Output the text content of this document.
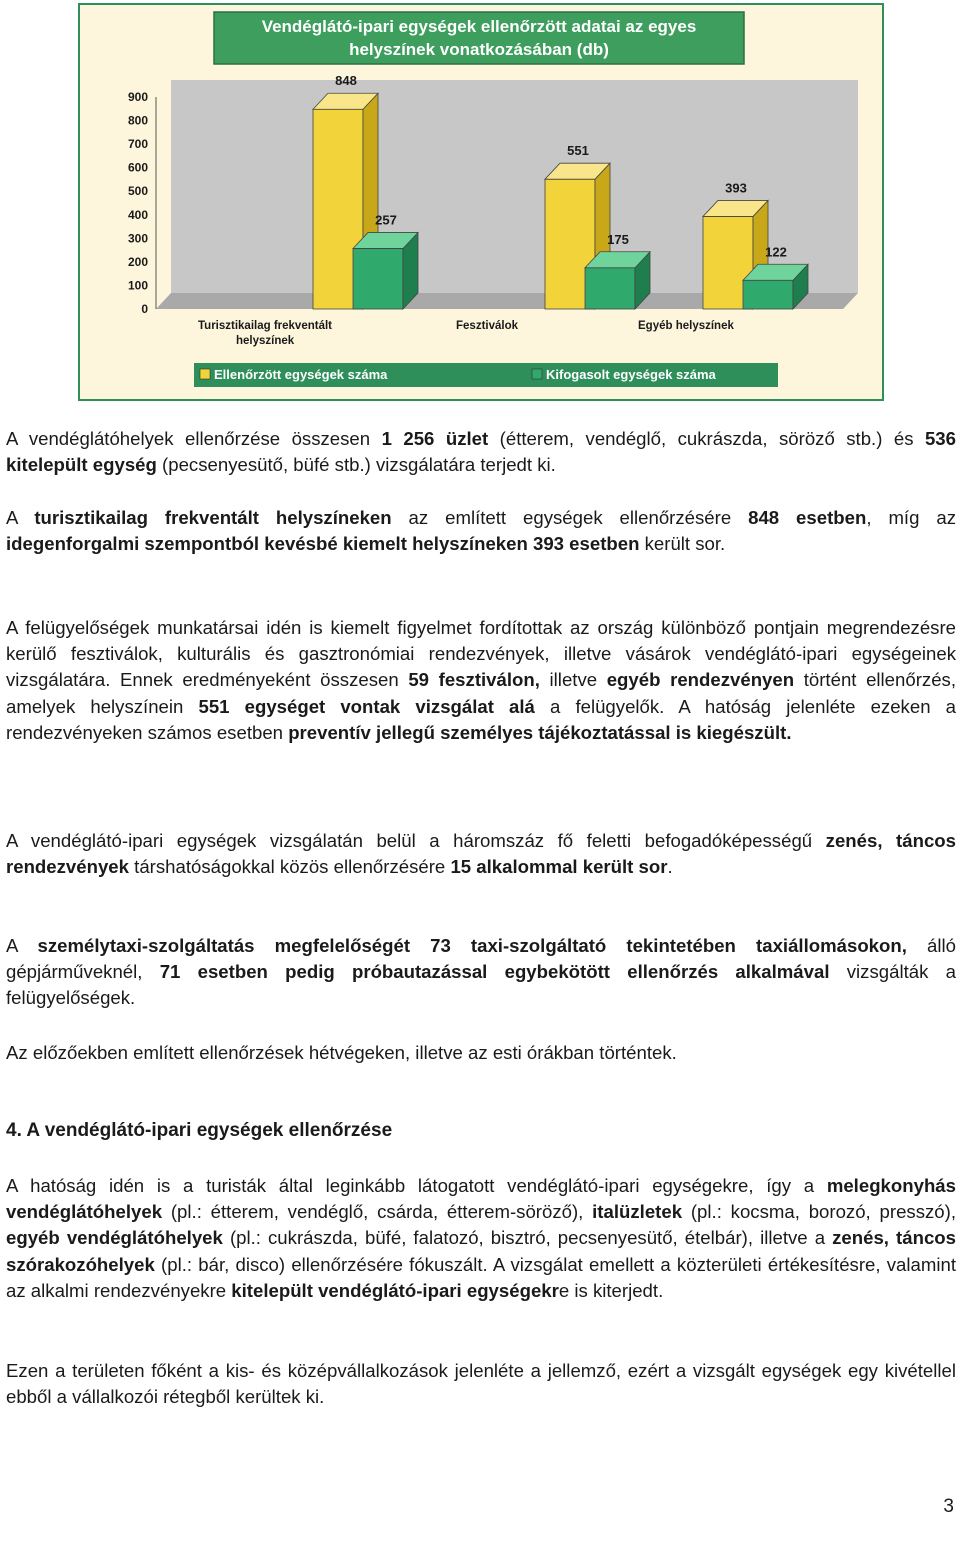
Vendéglátó-ipari egységek ellenőrzött adatai az egyes
helyszínek vonatkozásában (db)
0
100
200
300
400
500
600
700
800
900
848
257
551
175
393
122
Turisztikailag frekventált
helyszínek
Fesztiválok	Egyéb helyszínek
Ellenőrzött egységek száma	Kifogasolt egységek száma

A vendéglátóhelyek ellenőrzése összesen 1 256 üzlet (étterem, vendéglő, cukrászda, söröző stb.) és 536 kitelepült egység (pecsenyesütő, büfé stb.) vizsgálatára terjedt ki.

A turisztikailag frekventált helyszíneken az említett egységek ellenőrzésére 848 esetben, míg az idegenforgalmi szempontból kevésbé kiemelt helyszíneken 393 esetben került sor.

A felügyelőségek munkatársai idén is kiemelt figyelmet fordítottak az ország különböző pontjain megrendezésre kerülő fesztiválok, kulturális és gasztronómiai rendezvények, illetve vásárok vendéglátó-ipari egységeinek vizsgálatára. Ennek eredményeként összesen 59 fesztiválon, illetve egyéb rendezvényen történt ellenőrzés, amelyek helyszínein 551 egységet vontak vizsgálat alá a felügyelők. A hatóság jelenléte ezeken a rendezvényeken számos esetben preventív jellegű személyes tájékoztatással is kiegészült.

A vendéglátó-ipari egységek vizsgálatán belül a háromszáz fő feletti befogadóképességű zenés, táncos rendezvények társhatóságokkal közös ellenőrzésére 15 alkalommal került sor.

A személytaxi-szolgáltatás megfelelőségét 73 taxi-szolgáltató tekintetében taxiállomásokon, álló gépjárműveknél, 71 esetben pedig próbautazással egybekötött ellenőrzés alkalmával vizsgálták a felügyelőségek.

Az előzőekben említett ellenőrzések hétvégeken, illetve az esti órákban történtek.

4. A vendéglátó-ipari egységek ellenőrzése

A hatóság idén is a turisták által leginkább látogatott vendéglátó-ipari egységekre, így a melegkonyhás vendéglátóhelyek (pl.: étterem, vendéglő, csárda, étterem-söröző), italüzletek (pl.: kocsma, borozó, presszó), egyéb vendéglátóhelyek (pl.: cukrászda, büfé, falatozó, bisztró, pecsenyesütő, ételbár), illetve a zenés, táncos szórakozóhelyek (pl.: bár, disco) ellenőrzésére fókuszált. A vizsgálat emellett a közterületi értékesítésre, valamint az alkalmi rendezvényekre kitelepült vendéglátó-ipari egységekre is kiterjedt.

Ezen a területen főként a kis- és középvállalkozások jelenléte a jellemző, ezért a vizsgált egységek egy kivétellel ebből a vállalkozói rétegből kerültek ki.

3
